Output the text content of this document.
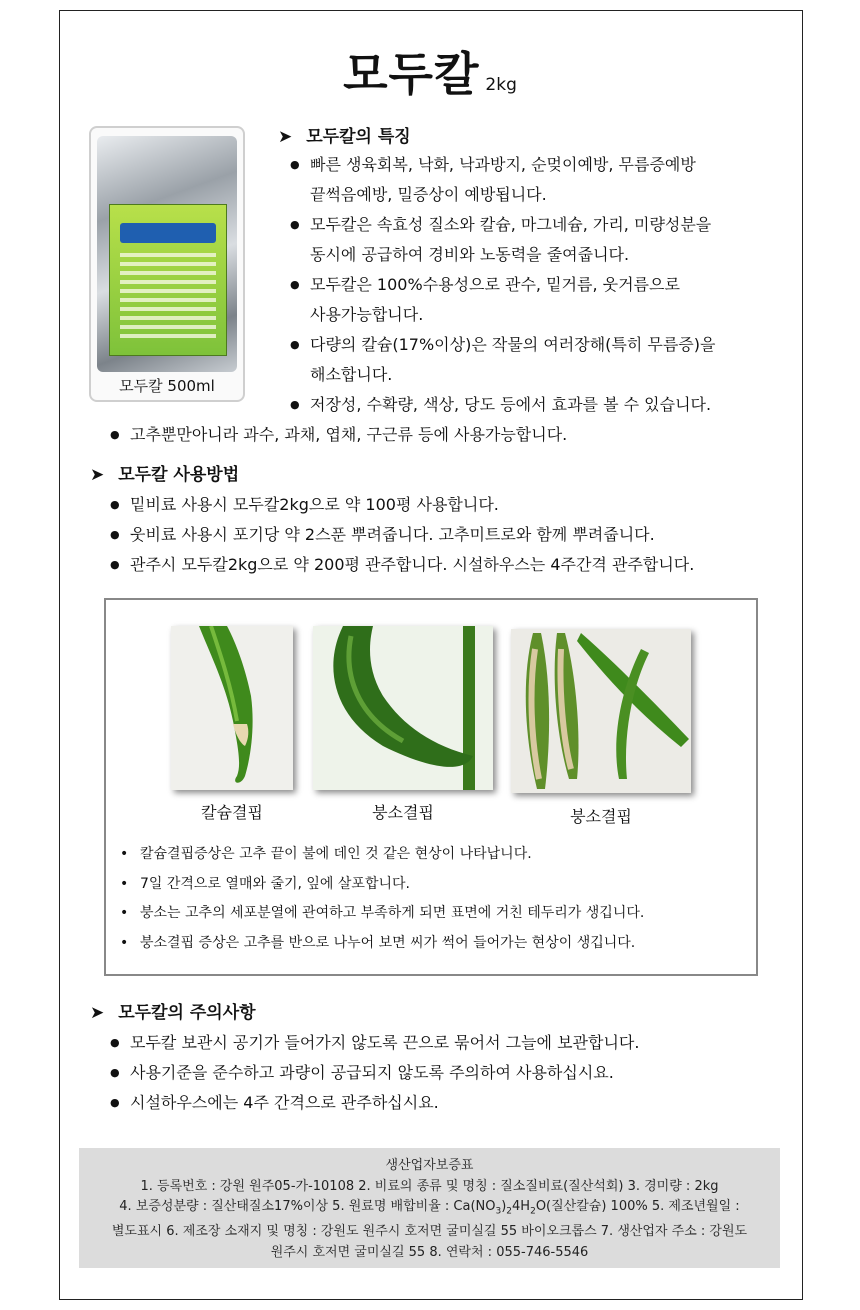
모두칼 2kg
모두칼 500ml
➤ 모두칼의 특징
● 빠른 생육회복, 낙화, 낙과방지, 순멎이예방, 무름증예방
끝썩음예방, 밀증상이 예방됩니다.
● 모두칼은 속효성 질소와 칼슘, 마그네슘, 가리, 미량성분을
동시에 공급하여 경비와 노동력을 줄여줍니다.
● 모두칼은 100%수용성으로 관수, 밑거름, 웃거름으로
사용가능합니다.
● 다량의 칼슘(17%이상)은 작물의 여러장해(특히 무름증)을
해소합니다.
● 저장성, 수확량, 색상, 당도 등에서 효과를 볼 수 있습니다.
● 고추뿐만아니라 과수, 과채, 엽채, 구근류 등에 사용가능합니다.
➤ 모두칼 사용방법
● 밑비료 사용시 모두칼2kg으로 약 100평 사용합니다.
● 웃비료 사용시 포기당 약 2스푼 뿌려줍니다. 고추미트로와 함께 뿌려줍니다.
● 관주시 모두칼2kg으로 약 200평 관주합니다. 시설하우스는 4주간격 관주합니다.
칼슘결핍	붕소결핍	붕소결핍
• 칼슘결핍증상은 고추 끝이 불에 데인 것 같은 현상이 나타납니다.
• 7일 간격으로 열매와 줄기, 잎에 살포합니다.
• 붕소는 고추의 세포분열에 관여하고 부족하게 되면 표면에 거친 테두리가 생깁니다.
• 붕소결핍 증상은 고추를 반으로 나누어 보면 씨가 썩어 들어가는 현상이 생깁니다.
➤ 모두칼의 주의사항
● 모두칼 보관시 공기가 들어가지 않도록 끈으로 묶어서 그늘에 보관합니다.
● 사용기준을 준수하고 과량이 공급되지 않도록 주의하여 사용하십시요.
● 시설하우스에는 4주 간격으로 관주하십시요.
생산업자보증표
1. 등록번호 : 강원 원주05-가-10108 2. 비료의 종류 및 명칭 : 질소질비료(질산석회) 3. 경미량 : 2kg
4. 보증성분량 : 질산태질소17%이상 5. 원료명 배합비율 : $Ca(NO_3)_24H_2O$(질산칼슘) 100% 5. 제조년월일 :
별도표시 6. 제조장 소재지 및 명칭 : 강원도 원주시 호저면 굴미실길 55 바이오크롭스 7. 생산업자 주소 : 강원도
원주시 호저면 굴미실길 55 8. 연락처 : 055-746-5546
